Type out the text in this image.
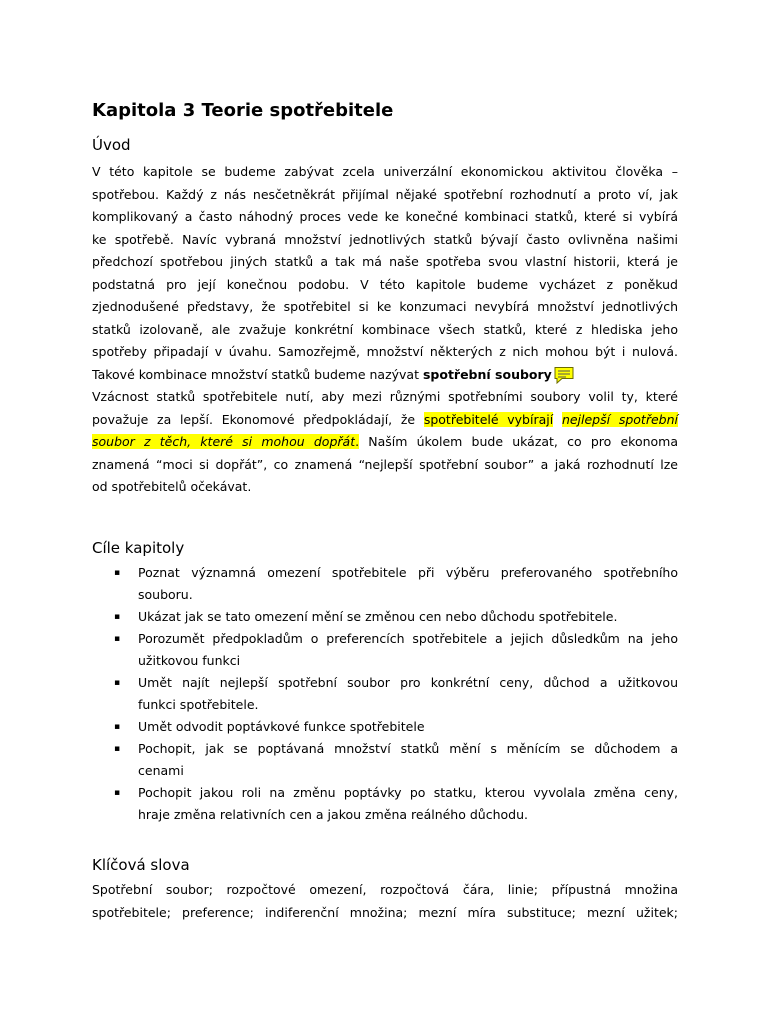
Kapitola 3 Teorie spotřebitele
Úvod
V této kapitole se budeme zabývat zcela univerzální ekonomickou aktivitou člověka –
spotřebou. Každý z nás nesčetněkrát přijímal nějaké spotřební rozhodnutí a proto ví, jak
komplikovaný a často náhodný proces vede ke konečné kombinaci statků, které si vybírá
ke spotřebě. Navíc vybraná množství jednotlivých statků bývají často ovlivněna našimi
předchozí spotřebou jiných statků a tak má naše spotřeba svou vlastní historii, která je
podstatná pro její konečnou podobu. V této kapitole budeme vycházet z poněkud
zjednodušené představy, že spotřebitel si ke konzumaci nevybírá množství jednotlivých
statků izolovaně, ale zvažuje konkrétní kombinace všech statků, které z hlediska jeho
spotřeby připadají v úvahu. Samozřejmě, množství některých z nich mohou být i nulová.
Takové kombinace množství statků budeme nazývat spotřební soubory
Vzácnost statků spotřebitele nutí, aby mezi různými spotřebními soubory volil ty, které
považuje za lepší. Ekonomové předpokládají, že spotřebitelé vybírají nejlepší spotřební
soubor z těch, které si mohou dopřát. Naším úkolem bude ukázat, co pro ekonoma
znamená “moci si dopřát”, co znamená “nejlepší spotřební soubor” a jaká rozhodnutí lze
od spotřebitelů očekávat.
Cíle kapitoly
▪ Poznat významná omezení spotřebitele při výběru preferovaného spotřebního
souboru.
▪ Ukázat jak se tato omezení mění se změnou cen nebo důchodu spotřebitele.
▪ Porozumět předpokladům o preferencích spotřebitele a jejich důsledkům na jeho
užitkovou funkci
▪ Umět najít nejlepší spotřební soubor pro konkrétní ceny, důchod a užitkovou
funkci spotřebitele.
▪ Umět odvodit poptávkové funkce spotřebitele
▪ Pochopit, jak se poptávaná množství statků mění s měnícím se důchodem a
cenami
▪ Pochopit jakou roli na změnu poptávky po statku, kterou vyvolala změna ceny,
hraje změna relativních cen a jakou změna reálného důchodu.
Klíčová slova
Spotřební soubor; rozpočtové omezení, rozpočtová čára, linie; přípustná množina
spotřebitele; preference; indiferenční množina; mezní míra substituce; mezní užitek;
